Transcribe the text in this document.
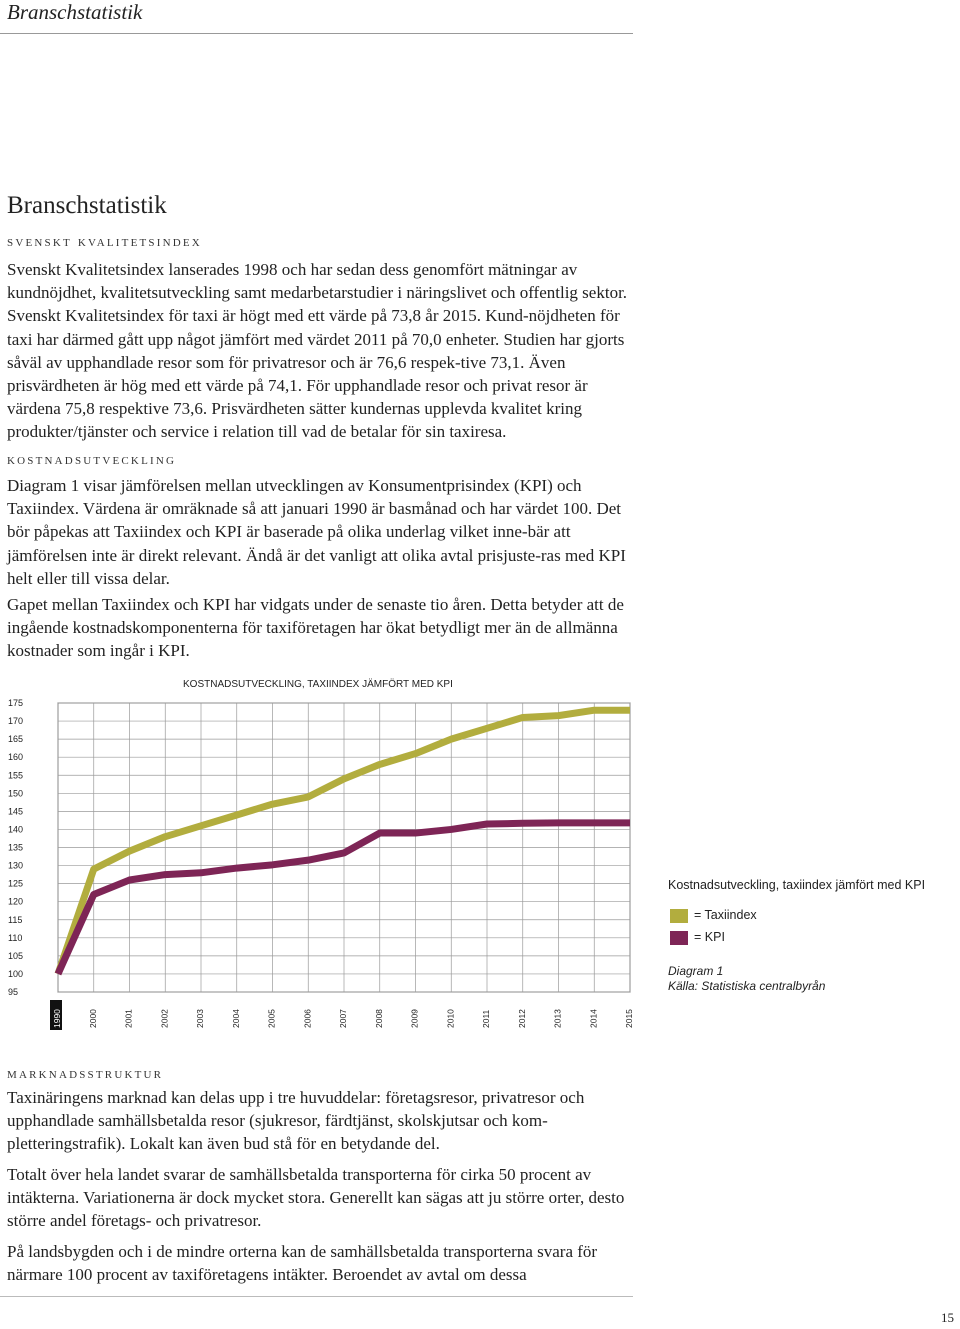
Branschstatistik
Branschstatistik
svenskt kvalitetsindex

Svenskt Kvalitetsindex lanserades 1998 och har sedan dess genomfört mätningar av kundnöjdhet, kvalitetsutveckling samt medarbetarstudier i näringslivet och offentlig sektor. Svenskt Kvalitetsindex för taxi är högt med ett värde på 73,8 år 2015. Kund-nöjdheten för taxi har därmed gått upp något jämfört med värdet 2011 på 70,0 enheter. Studien har gjorts såväl av upphandlade resor som för privatresor och är 76,6 respek-tive 73,1. Även prisvärdheten är hög med ett värde på 74,1. För upphandlade resor och privat resor är värdena 75,8 respektive 73,6. Prisvärdheten sätter kundernas upplevda kvalitet kring produkter/tjänster och service i relation till vad de betalar för sin taxiresa.

kostnadsutveckling

Diagram 1 visar jämförelsen mellan utvecklingen av Konsumentprisindex (KPI) och Taxiindex. Värdena är omräknade så att januari 1990 är basmånad och har värdet 100. Det bör påpekas att Taxiindex och KPI är baserade på olika underlag vilket inne-bär att jämförelsen inte är direkt relevant. Ändå är det vanligt att olika avtal prisjuste-ras med KPI helt eller till vissa delar.

Gapet mellan Taxiindex och KPI har vidgats under de senaste tio åren. Detta betyder att de ingående kostnadskomponenterna för taxiföretagen har ökat betydligt mer än de allmänna kostnader som ingår i KPI.

KOSTNADSUTVECKLING, TAXIINDEX JÄMFÖRT MED KPI
95
100
105
110
115
120
125
130
135
140
145
150
155
160
165
170
175
1990	2000	2001	2002	2003	2004	2005	2006	2007	2008	2009	2010	2011	2012	2013	2014	2015
Kostnadsutveckling, taxiindex jämfört med KPI
= Taxiindex
= KPI
Diagram 1
Källa: Statistiska centralbyrån
marknadsstruktur

Taxinäringens marknad kan delas upp i tre huvuddelar: företagsresor, privatresor och upphandlade samhällsbetalda resor (sjukresor, färdtjänst, skolskjutsar och kom-pletteringstrafik). Lokalt kan även bud stå för en betydande del.

Totalt över hela landet svarar de samhällsbetalda transporterna för cirka 50 procent av intäkterna. Variationerna är dock mycket stora. Generellt kan sägas att ju större orter, desto större andel företags- och privatresor.

På landsbygden och i de mindre orterna kan de samhällsbetalda transporterna svara för närmare 100 procent av taxiföretagens intäkter. Beroendet av avtal om dessa

15
